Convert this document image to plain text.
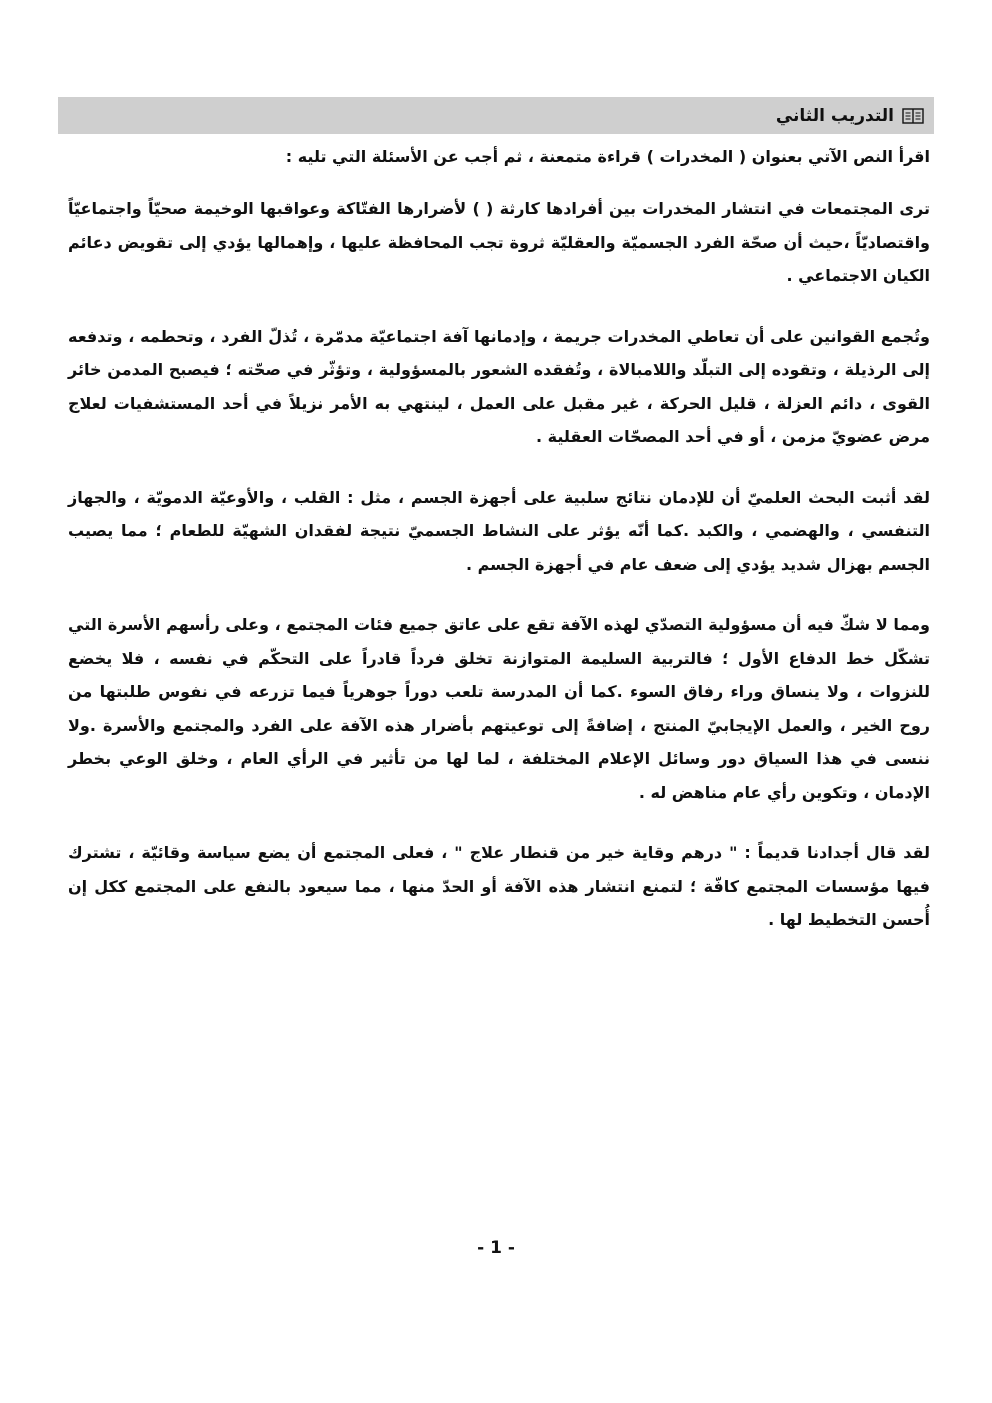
التدريب الثاني
اقرأ النص الآتي بعنوان ( المخدرات ) قراءة متمعنة ، ثم أجب عن الأسئلة التي تليه :

ترى المجتمعات في انتشار المخدرات بين أفرادها كارثة ( ) لأضرارها الفتّاكة وعواقبها الوخيمة صحيّاً واجتماعيّاً واقتصاديّاً ،حيث أن صحّة الفرد الجسميّة والعقليّة ثروة تجب المحافظة عليها ، وإهمالها يؤدي إلى تقويض دعائم الكيان الاجتماعي .

وتُجمع القوانين على أن تعاطي المخدرات جريمة ، وإدمانها آفة اجتماعيّة مدمّرة ، تُذلّ الفرد ، وتحطمه ، وتدفعه إلى الرذيلة ، وتقوده إلى التبلّد واللامبالاة ، وتُفقده الشعور بالمسؤولية ، وتؤثّر في صحّته ؛ فيصبح المدمن خائر القوى ، دائم العزلة ، قليل الحركة ، غير مقبل على العمل ، لينتهي به الأمر نزيلاً في أحد المستشفيات لعلاج مرض عضويّ مزمن ، أو في أحد المصحّات العقلية .

لقد أثبت البحث العلميّ أن للإدمان نتائج سلبية على أجهزة الجسم ، مثل : القلب ، والأوعيّة الدمويّة ، والجهاز التنفسي ، والهضمي ، والكبد .كما أنّه يؤثر على النشاط الجسميّ نتيجة لفقدان الشهيّة للطعام ؛ مما يصيب الجسم بهزال شديد يؤدي إلى ضعف عام في أجهزة الجسم .

ومما لا شكّ فيه أن مسؤولية التصدّي لهذه الآفة تقع على عاتق جميع فئات المجتمع ، وعلى رأسهم الأسرة التي تشكّل خط الدفاع الأول ؛ فالتربية السليمة المتوازنة تخلق فرداً قادراً على التحكّم في نفسه ، فلا يخضع للنزوات ، ولا ينساق وراء رفاق السوء .كما أن المدرسة تلعب دوراً جوهرياً فيما تزرعه في نفوس طلبتها من روح الخير ، والعمل الإيجابيّ المنتج ، إضافةً إلى توعيتهم بأضرار هذه الآفة على الفرد والمجتمع والأسرة .ولا ننسى في هذا السياق دور وسائل الإعلام المختلفة ، لما لها من تأثير في الرأي العام ، وخلق الوعي بخطر الإدمان ، وتكوين رأي عام مناهض له .

لقد قال أجدادنا قديماً : " درهم وقاية خير من قنطار علاج " ، فعلى المجتمع أن يضع سياسة وقائيّة ، تشترك فيها مؤسسات المجتمع كافّة ؛ لتمنع انتشار هذه الآفة أو الحدّ منها ، مما سيعود بالنفع على المجتمع ككل إن أُحسن التخطيط لها .

- 1 -
